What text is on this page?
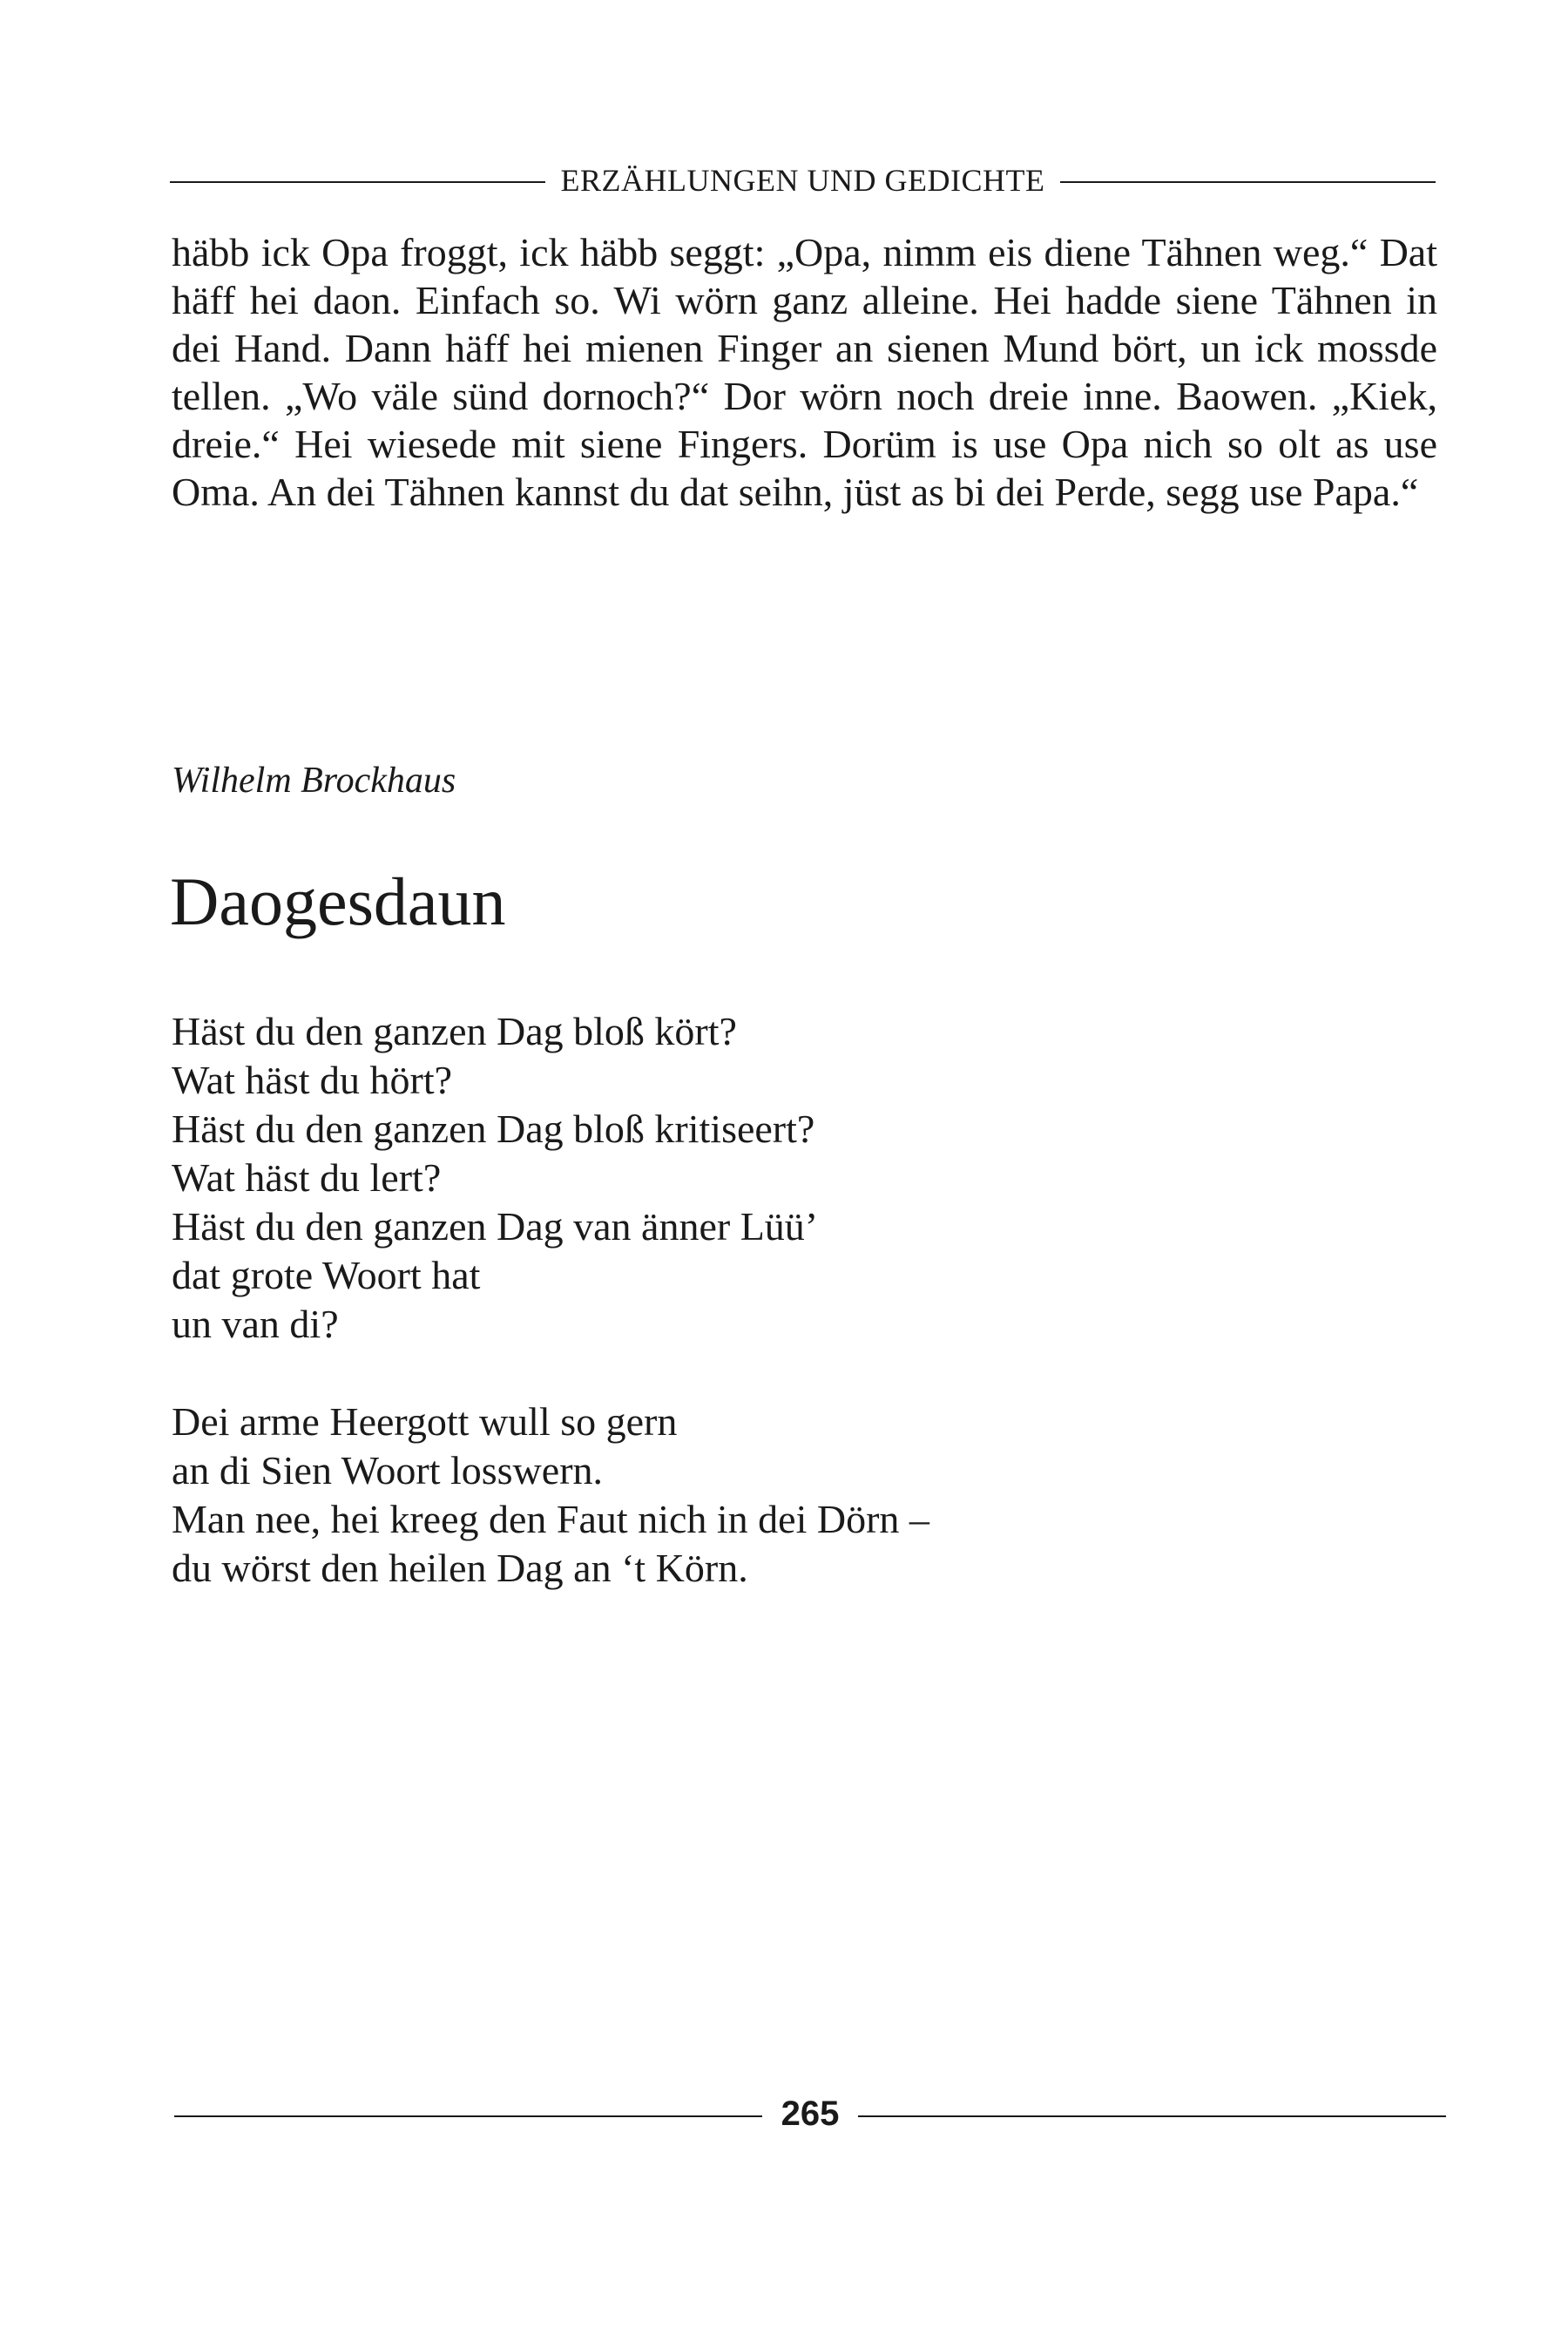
ERZÄHLUNGEN UND GEDICHTE

häbb ick Opa froggt, ick häbb seggt: „Opa, nimm eis diene Tähnen weg.“ Dat häff hei daon. Einfach so. Wi wörn ganz alleine. Hei hadde siene Tähnen in dei Hand. Dann häff hei mienen Finger an sienen Mund bört, un ick mossde tellen. „Wo väle sünd dornoch?“ Dor wörn noch dreie inne. Baowen. „Kiek, dreie.“ Hei wiesede mit siene Fingers. Dorüm is use Opa nich so olt as use Oma. An dei Tähnen kannst du dat seihn, jüst as bi dei Perde, segg use Papa.“

Wilhelm Brockhaus
Daogesdaun
Häst du den ganzen Dag bloß kört?
Wat häst du hört?
Häst du den ganzen Dag bloß kritiseert?
Wat häst du lert?
Häst du den ganzen Dag van änner Lüü’
dat grote Woort hat
un van di?
Dei arme Heergott wull so gern
an di Sien Woort losswern.
Man nee, hei kreeg den Faut nich in dei Dörn –
du wörst den heilen Dag an ‘t Körn.
265
